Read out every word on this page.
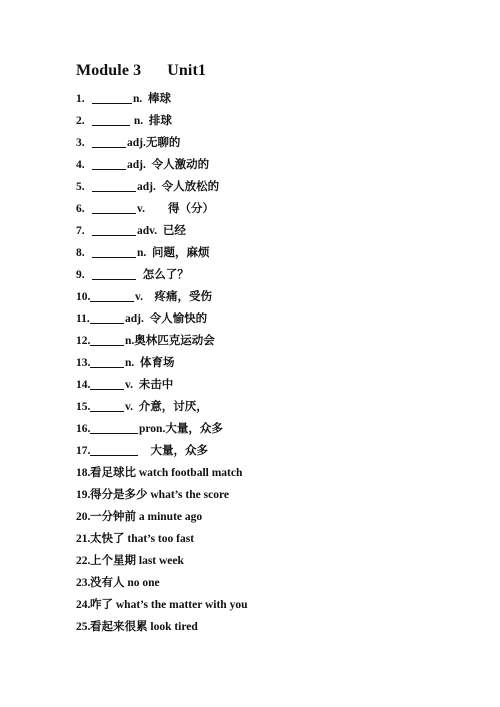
Module 3 Unit1
1.	n.  棒球
2.	n.  排球
3.	adj.无聊的
4.	adj.  令人激动的
5.	adj.  令人放松的
6.	v.        得（分）
7.	adv.  已经
8.	n.  问题，麻烦
9.	怎么了？
10.	v.    疼痛，受伤
11.	adj.  令人愉快的
12.	n.奥林匹克运动会
13.	n.  体育场
14.	v.  未击中
15.	v.  介意，讨厌，
16.	pron.大量，众多
17.	大量，众多
18.看足球比 watch football match
19.得分是多少 what’s the score
20.一分钟前 a minute ago
21.太快了 that’s too fast
22.上个星期 last week
23.没有人 no one
24.咋了 what’s the matter with you
25.看起来很累 look tired
